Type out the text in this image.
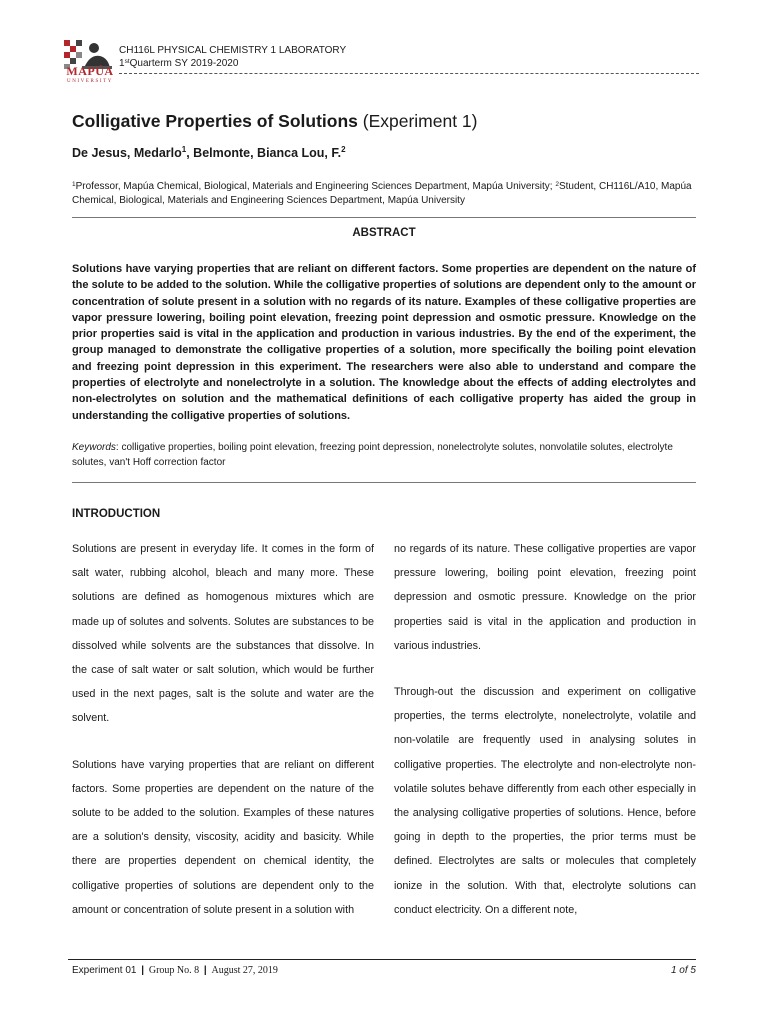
MAPÚA
UNIVERSITY
CH116L PHYSICAL CHEMISTRY 1 LABORATORY
1stQuarterm SY 2019-2020
Colligative Properties of Solutions (Experiment 1)
De Jesus, Medarlo$^1$, Belmonte, Bianca Lou, F.$^2$
$^1$Professor, Mapúa Chemical, Biological, Materials and Engineering Sciences Department, Mapúa University; $^2$Student, CH116L/A10, Mapúa Chemical, Biological, Materials and Engineering Sciences Department, Mapúa University
ABSTRACT
Solutions have varying properties that are reliant on different factors. Some properties are dependent on the nature of the solute to be added to the solution. While the colligative properties of solutions are dependent only to the amount or concentration of solute present in a solution with no regards of its nature. Examples of these colligative properties are vapor pressure lowering, boiling point elevation, freezing point depression and osmotic pressure. Knowledge on the prior properties said is vital in the application and production in various industries. By the end of the experiment, the group managed to demonstrate the colligative properties of a solution, more specifically the boiling point elevation and freezing point depression in this experiment. The researchers were also able to understand and compare the properties of electrolyte and nonelectrolyte in a solution. The knowledge about the effects of adding electrolytes and non-electrolytes on solution and the mathematical definitions of each colligative property has aided the group in understanding the colligative properties of solutions.
Keywords: colligative properties, boiling point elevation, freezing point depression, nonelectrolyte solutes, nonvolatile solutes, electrolyte solutes, van't Hoff correction factor
INTRODUCTION

Solutions are present in everyday life. It comes in the form of salt water, rubbing alcohol, bleach and many more. These solutions are defined as homogenous mixtures which are made up of solutes and solvents. Solutes are substances to be dissolved while solvents are the substances that dissolve. In the case of salt water or salt solution, which would be further used in the next pages, salt is the solute and water are the solvent.

Solutions have varying properties that are reliant on different factors. Some properties are dependent on the nature of the solute to be added to the solution. Examples of these natures are a solution's density, viscosity, acidity and basicity. While there are properties dependent on chemical identity, the colligative properties of solutions are dependent only to the amount or concentration of solute present in a solution with

no regards of its nature. These colligative properties are vapor pressure lowering, boiling point elevation, freezing point depression and osmotic pressure. Knowledge on the prior properties said is vital in the application and production in various industries.

Through-out the discussion and experiment on colligative properties, the terms electrolyte, nonelectrolyte, volatile and non-volatile are frequently used in analysing solutes in colligative properties. The electrolyte and non-electrolyte non-volatile solutes behave differently from each other especially in the analysing colligative properties of solutions. Hence, before going in depth to the properties, the prior terms must be defined. Electrolytes are salts or molecules that completely ionize in the solution. With that, electrolyte solutions can conduct electricity. On a different note,

Experiment 01 | Group No. 8 | August 27, 2019	1 of 5
